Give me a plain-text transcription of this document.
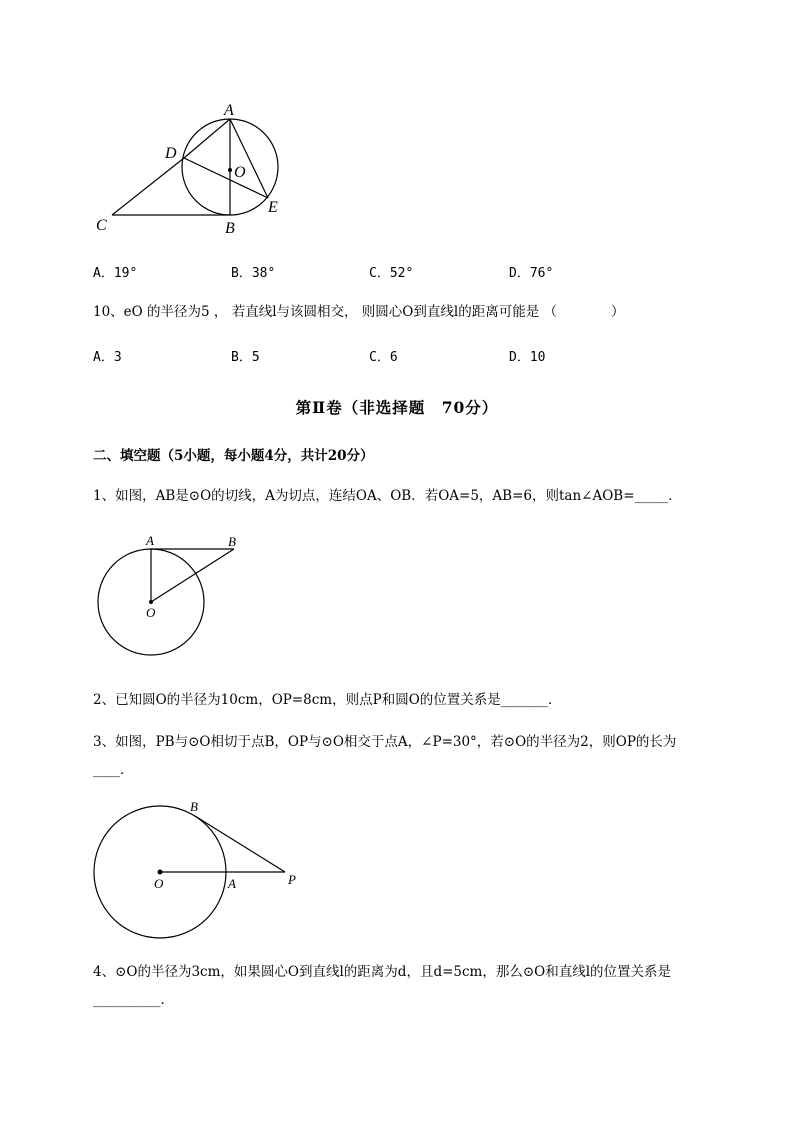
A
D
O
E
C	B
A．19°	B．38°	C．52°	D．76°
10、eO 的半径为5 ， 若直线l与该圆相交， 则圆心O到直线l的距离可能是 （　　　　）
A．3	B．5	C．6	D．10
第Ⅱ卷（非选择题　70分）
二、填空题（5小题，每小题4分，共计20分）
1、如图，AB是⊙O的切线，A为切点，连结OA、OB．若OA=5，AB=6，则tan∠AOB=_____．
A	B
O
2、已知圆O的半径为10cm，OP=8cm，则点P和圆O的位置关系是_______．
3、如图，PB与⊙O相切于点B，OP与⊙O相交于点A，∠P=30°，若⊙O的半径为2，则OP的长为
____．
B
O	A	P
4、⊙O的半径为3cm，如果圆心O到直线l的距离为d，且d=5cm，那么⊙O和直线l的位置关系是
__________．
